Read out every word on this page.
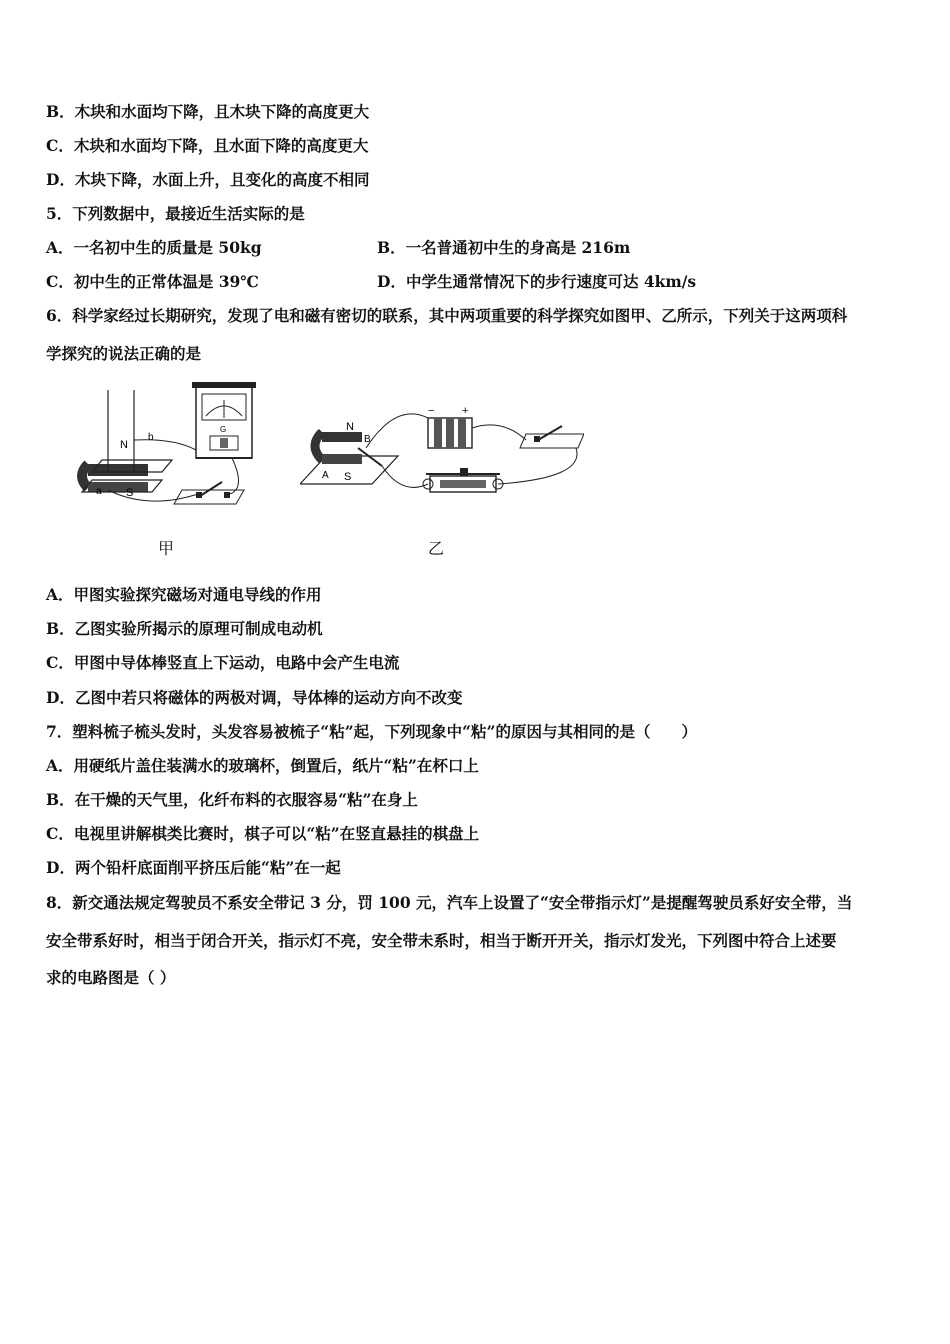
B．木块和水面均下降，且木块下降的高度更大
C．木块和水面均下降，且水面下降的高度更大
D．木块下降，水面上升，且变化的高度不相同
5．下列数据中，最接近生活实际的是
A．一名初中生的质量是 50kg	B．一名普通初中生的身高是 216m
C．初中生的正常体温是 39℃	D．中学生通常情况下的步行速度可达 4km/s
6．科学家经过长期研究，发现了电和磁有密切的联系，其中两项重要的科学探究如图甲、乙所示，下列关于这两项科
学探究的说法正确的是
N
S
a
b
G
甲
N
S
A
B
−	+
乙
A．甲图实验探究磁场对通电导线的作用
B．乙图实验所揭示的原理可制成电动机
C．甲图中导体棒竖直上下运动，电路中会产生电流
D．乙图中若只将磁体的两极对调，导体棒的运动方向不改变
7．塑料梳子梳头发时，头发容易被梳子“粘”起，下列现象中“粘”的原因与其相同的是（　　）
A．用硬纸片盖住装满水的玻璃杯，倒置后，纸片“粘”在杯口上
B．在干燥的天气里，化纤布料的衣服容易“粘”在身上
C．电视里讲解棋类比赛时，棋子可以“粘”在竖直悬挂的棋盘上
D．两个铅杆底面削平挤压后能“粘”在一起
8．新交通法规定驾驶员不系安全带记 3 分，罚 100 元，汽车上设置了“安全带指示灯”是提醒驾驶员系好安全带，当
安全带系好时，相当于闭合开关，指示灯不亮，安全带未系时，相当于断开开关，指示灯发光，下列图中符合上述要
求的电路图是（ ）
